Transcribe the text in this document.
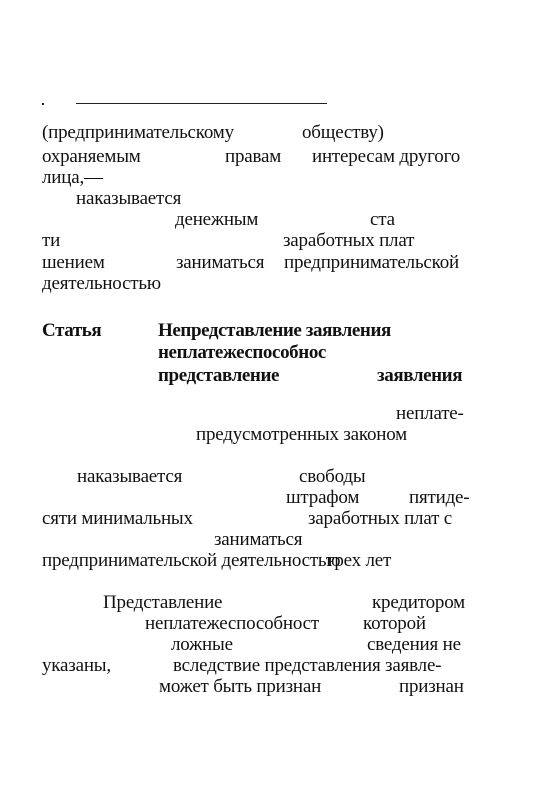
(предпринимательскому	обществу)
охраняемым	правам интересам другого
лица,—
наказывается
денежным	ста
ти	заработных плат
шением	заниматься предпринимательской
деятельностью
Статья	Непредставление заявления
неплатежеспособнос
представление	заявления
неплате-
предусмотренных законом
наказывается	свободы
штрафом	пятиде-
сяти минимальных	заработных плат с
заниматься
предпринимательской деятельностью
трех лет
Представление	кредитором
неплатежеспособност которой
ложные	сведения не
указаны,	вследствие представления заявле-
может быть признан	признан
